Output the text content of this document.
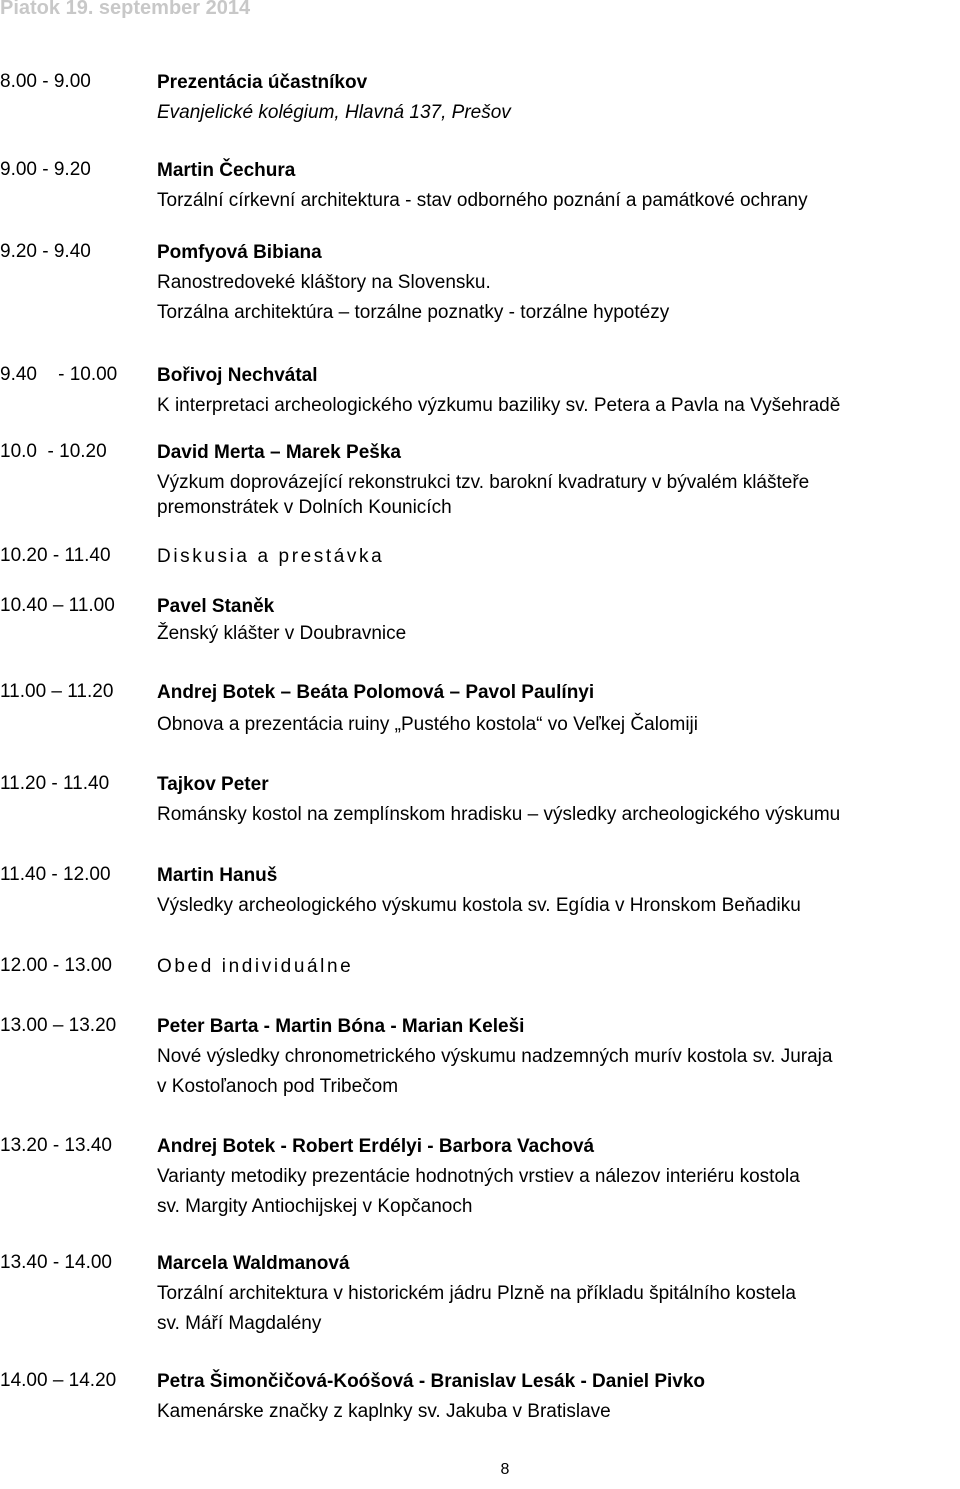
Piatok 19. september 2014
8.00 - 9.00	Prezentácia účastníkov
Evanjelické kolégium, Hlavná 137, Prešov
9.00 - 9.20	Martin Čechura
Torzální církevní architektura - stav odborného poznání a památkové ochrany
9.20 - 9.40	Pomfyová Bibiana
Ranostredoveké kláštory na Slovensku.
Torzálna architektúra – torzálne poznatky - torzálne hypotézy
9.40    - 10.00 Bořivoj Nechvátal
K interpretaci archeologického výzkumu baziliky sv. Petera a Pavla na Vyšehradě
10.0  - 10.20	David Merta – Marek Peška
Výzkum doprovázející rekonstrukci tzv. barokní kvadratury v bývalém klášteře
premonstrátek v Dolních Kounicích
10.20 - 11.40 Diskusia a prestávka
10.40 – 11.00 Pavel Staněk
Ženský klášter v Doubravnice
11.00 – 11.20 Andrej Botek – Beáta Polomová – Pavol Paulínyi
Obnova a prezentácia ruiny „Pustého kostola“ vo Veľkej Čalomiji
11.20 - 11.40	Tajkov Peter
Románsky kostol na zemplínskom hradisku – výsledky archeologického výskumu
11.40 - 12.00 Martin Hanuš
Výsledky archeologického výskumu kostola sv. Egídia v Hronskom Beňadiku
12.00 - 13.00 Obed individuálne
13.00 – 13.20 Peter Barta - Martin Bóna - Marian Keleši
Nové výsledky chronometrického výskumu nadzemných murív kostola sv. Juraja
v Kostoľanoch pod Tribečom
13.20 - 13.40 Andrej Botek - Robert Erdélyi - Barbora Vachová
Varianty metodiky prezentácie hodnotných vrstiev a nálezov interiéru kostola
sv. Margity Antiochijskej v Kopčanoch
13.40 - 14.00 Marcela Waldmanová
Torzální architektura v historickém jádru Plzně na příkladu špitálního kostela
sv. Máří Magdalény
14.00 – 14.20 Petra Šimončičová-Koóšová - Branislav Lesák - Daniel Pivko
Kamenárske značky z kaplnky sv. Jakuba v Bratislave
8
